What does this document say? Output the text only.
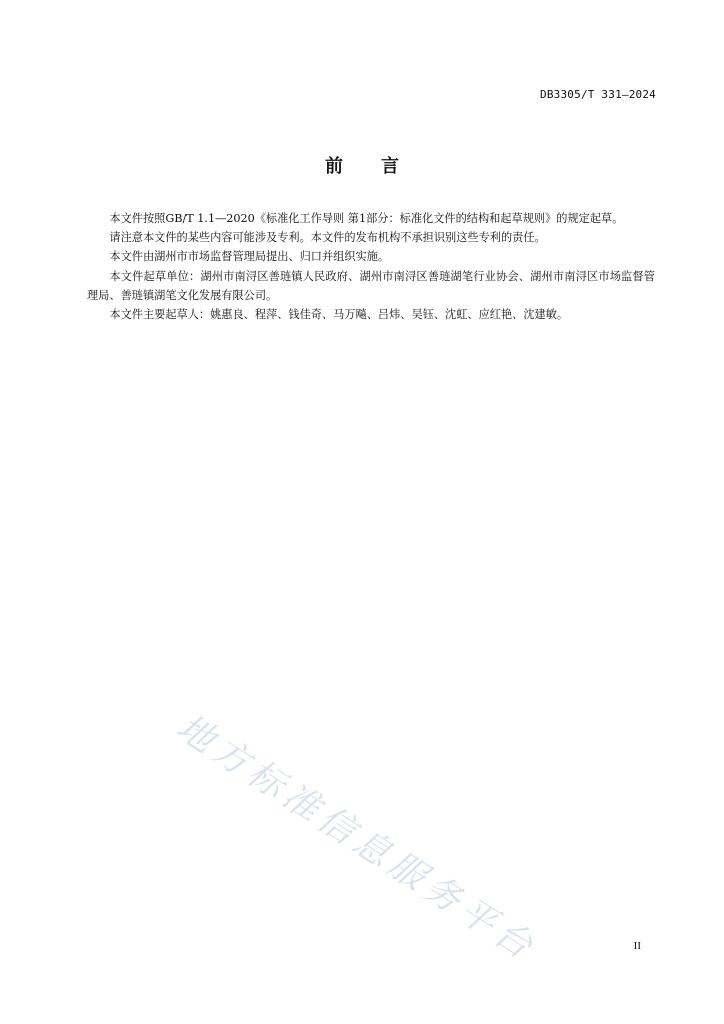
DB3305/T 331—2024
前 言

本文件按照GB/T 1.1—2020《标准化工作导则 第1部分：标准化文件的结构和起草规则》的规定起草。

请注意本文件的某些内容可能涉及专利。本文件的发布机构不承担识别这些专利的责任。

本文件由湖州市市场监督管理局提出、归口并组织实施。

本文件起草单位：湖州市南浔区善琏镇人民政府、湖州市南浔区善琏湖笔行业协会、湖州市南浔区市场监督管理局、善琏镇湖笔文化发展有限公司。

本文件主要起草人：姚惠良、程萍、钱佳奇、马万飚、吕炜、吴钰、沈虹、应红艳、沈建敏。

地方标准信息服务平台	II
